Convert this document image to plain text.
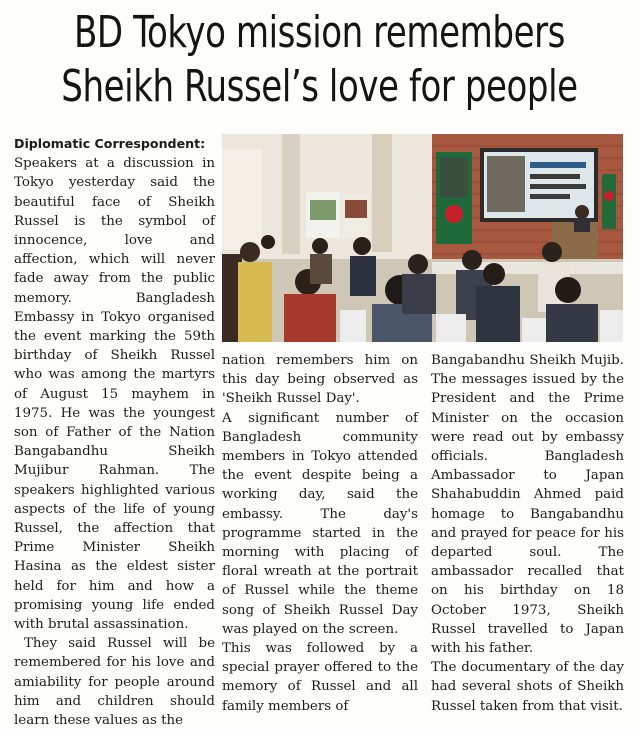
BD Tokyo mission remembers
Sheikh Russel’s love for people

Diplomatic Correspondent:

Speakers at a discussion in Tokyo yesterday said the beautiful face of Sheikh Russel is the symbol of innocence, love and affection, which will never fade away from the public memory. Bangladesh Embassy in Tokyo organised the event marking the 59th birthday of Sheikh Russel who was among the martyrs of August 15 mayhem in 1975. He was the youngest son of Father of the Nation Bangabandhu Sheikh Mujibur Rahman. The speakers highlighted various aspects of the life of young Russel, the affection that Prime Minister Sheikh Hasina as the eldest sister held for him and how a promising young life ended with brutal assassination.

They said Russel will be remembered for his love and amiability for people around him and children should learn these values as the

nation remembers him on this day being observed as 'Sheikh Russel Day'.

A significant number of Bangladesh community members in Tokyo attended the event despite being a working day, said the embassy. The day's programme started in the morning with placing of floral wreath at the portrait of Russel while the theme song of Sheikh Russel Day was played on the screen.

This was followed by a special prayer offered to the memory of Russel and all family members of

Bangabandhu Sheikh Mujib. The messages issued by the President and the Prime Minister on the occasion were read out by embassy officials. Bangladesh Ambassador to Japan Shahabuddin Ahmed paid homage to Bangabandhu and prayed for peace for his departed soul. The ambassador recalled that on his birthday on 18 October 1973, Sheikh Russel travelled to Japan with his father.

The documentary of the day had several shots of Sheikh Russel taken from that visit.
